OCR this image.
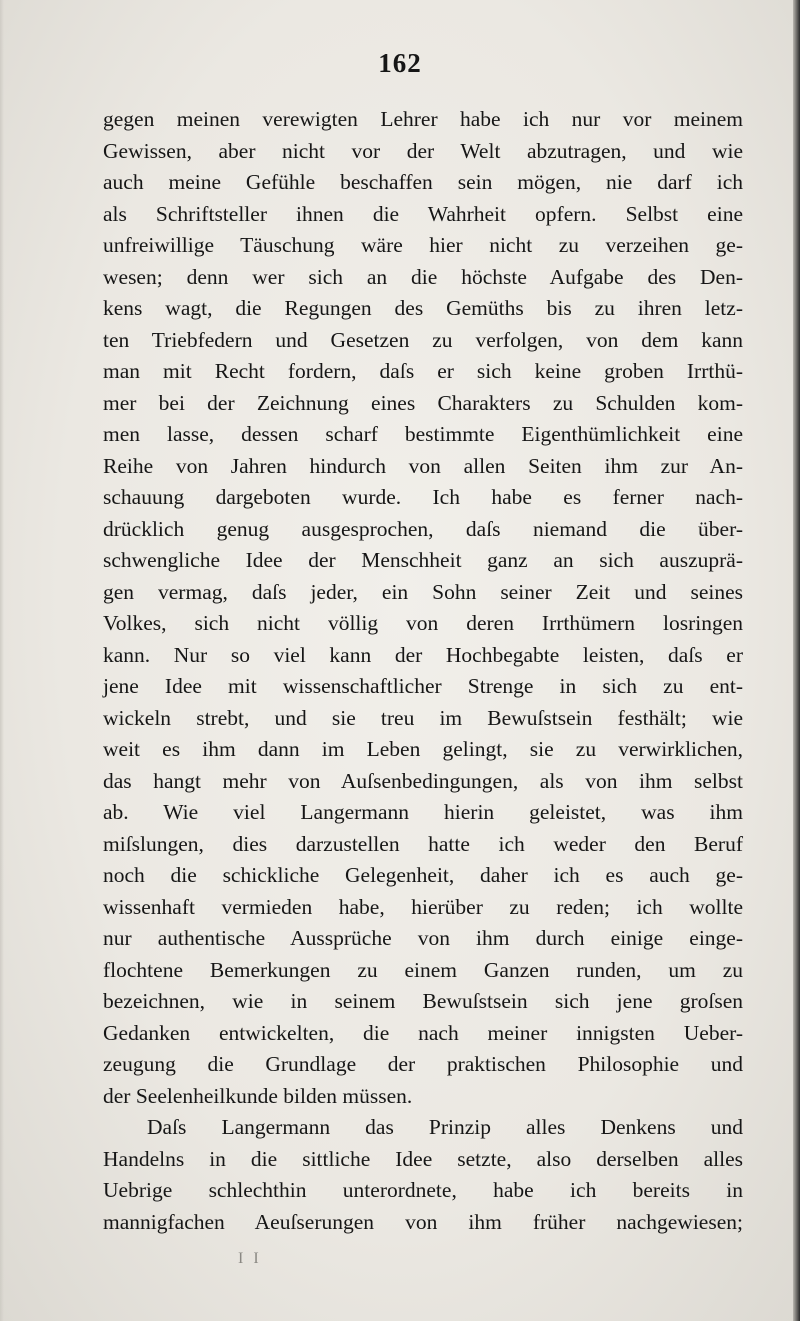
162
gegen meinen verewigten Lehrer habe ich nur vor meinem
Gewissen, aber nicht vor der Welt abzutragen, und wie
auch meine Gefühle beschaffen sein mögen, nie darf ich
als Schriftsteller ihnen die Wahrheit opfern. Selbst eine
unfreiwillige Täuschung wäre hier nicht zu verzeihen ge-
wesen; denn wer sich an die höchste Aufgabe des Den-
kens wagt, die Regungen des Gemüths bis zu ihren letz-
ten Triebfedern und Gesetzen zu verfolgen, von dem kann
man mit Recht fordern, daſs er sich keine groben Irrthü-
mer bei der Zeichnung eines Charakters zu Schulden kom-
men lasse, dessen scharf bestimmte Eigenthümlichkeit eine
Reihe von Jahren hindurch von allen Seiten ihm zur An-
schauung dargeboten wurde. Ich habe es ferner nach-
drücklich genug ausgesprochen, daſs niemand die über-
schwengliche Idee der Menschheit ganz an sich auszuprä-
gen vermag, daſs jeder, ein Sohn seiner Zeit und seines
Volkes, sich nicht völlig von deren Irrthümern losringen
kann. Nur so viel kann der Hochbegabte leisten, daſs er
jene Idee mit wissenschaftlicher Strenge in sich zu ent-
wickeln strebt, und sie treu im Bewuſstsein festhält; wie
weit es ihm dann im Leben gelingt, sie zu verwirklichen,
das hangt mehr von Auſsenbedingungen, als von ihm selbst
ab. Wie viel Langermann hierin geleistet, was ihm
miſslungen, dies darzustellen hatte ich weder den Beruf
noch die schickliche Gelegenheit, daher ich es auch ge-
wissenhaft vermieden habe, hierüber zu reden; ich wollte
nur authentische Aussprüche von ihm durch einige einge-
flochtene Bemerkungen zu einem Ganzen runden, um zu
bezeichnen, wie in seinem Bewuſstsein sich jene groſsen
Gedanken entwickelten, die nach meiner innigsten Ueber-
zeugung die Grundlage der praktischen Philosophie und
der Seelenheilkunde bilden müssen.
Daſs Langermann das Prinzip alles Denkens und
Handelns in die sittliche Idee setzte, also derselben alles
Uebrige schlechthin unterordnete, habe ich bereits in
mannigfachen Aeuſserungen von ihm früher nachgewiesen;
I I
